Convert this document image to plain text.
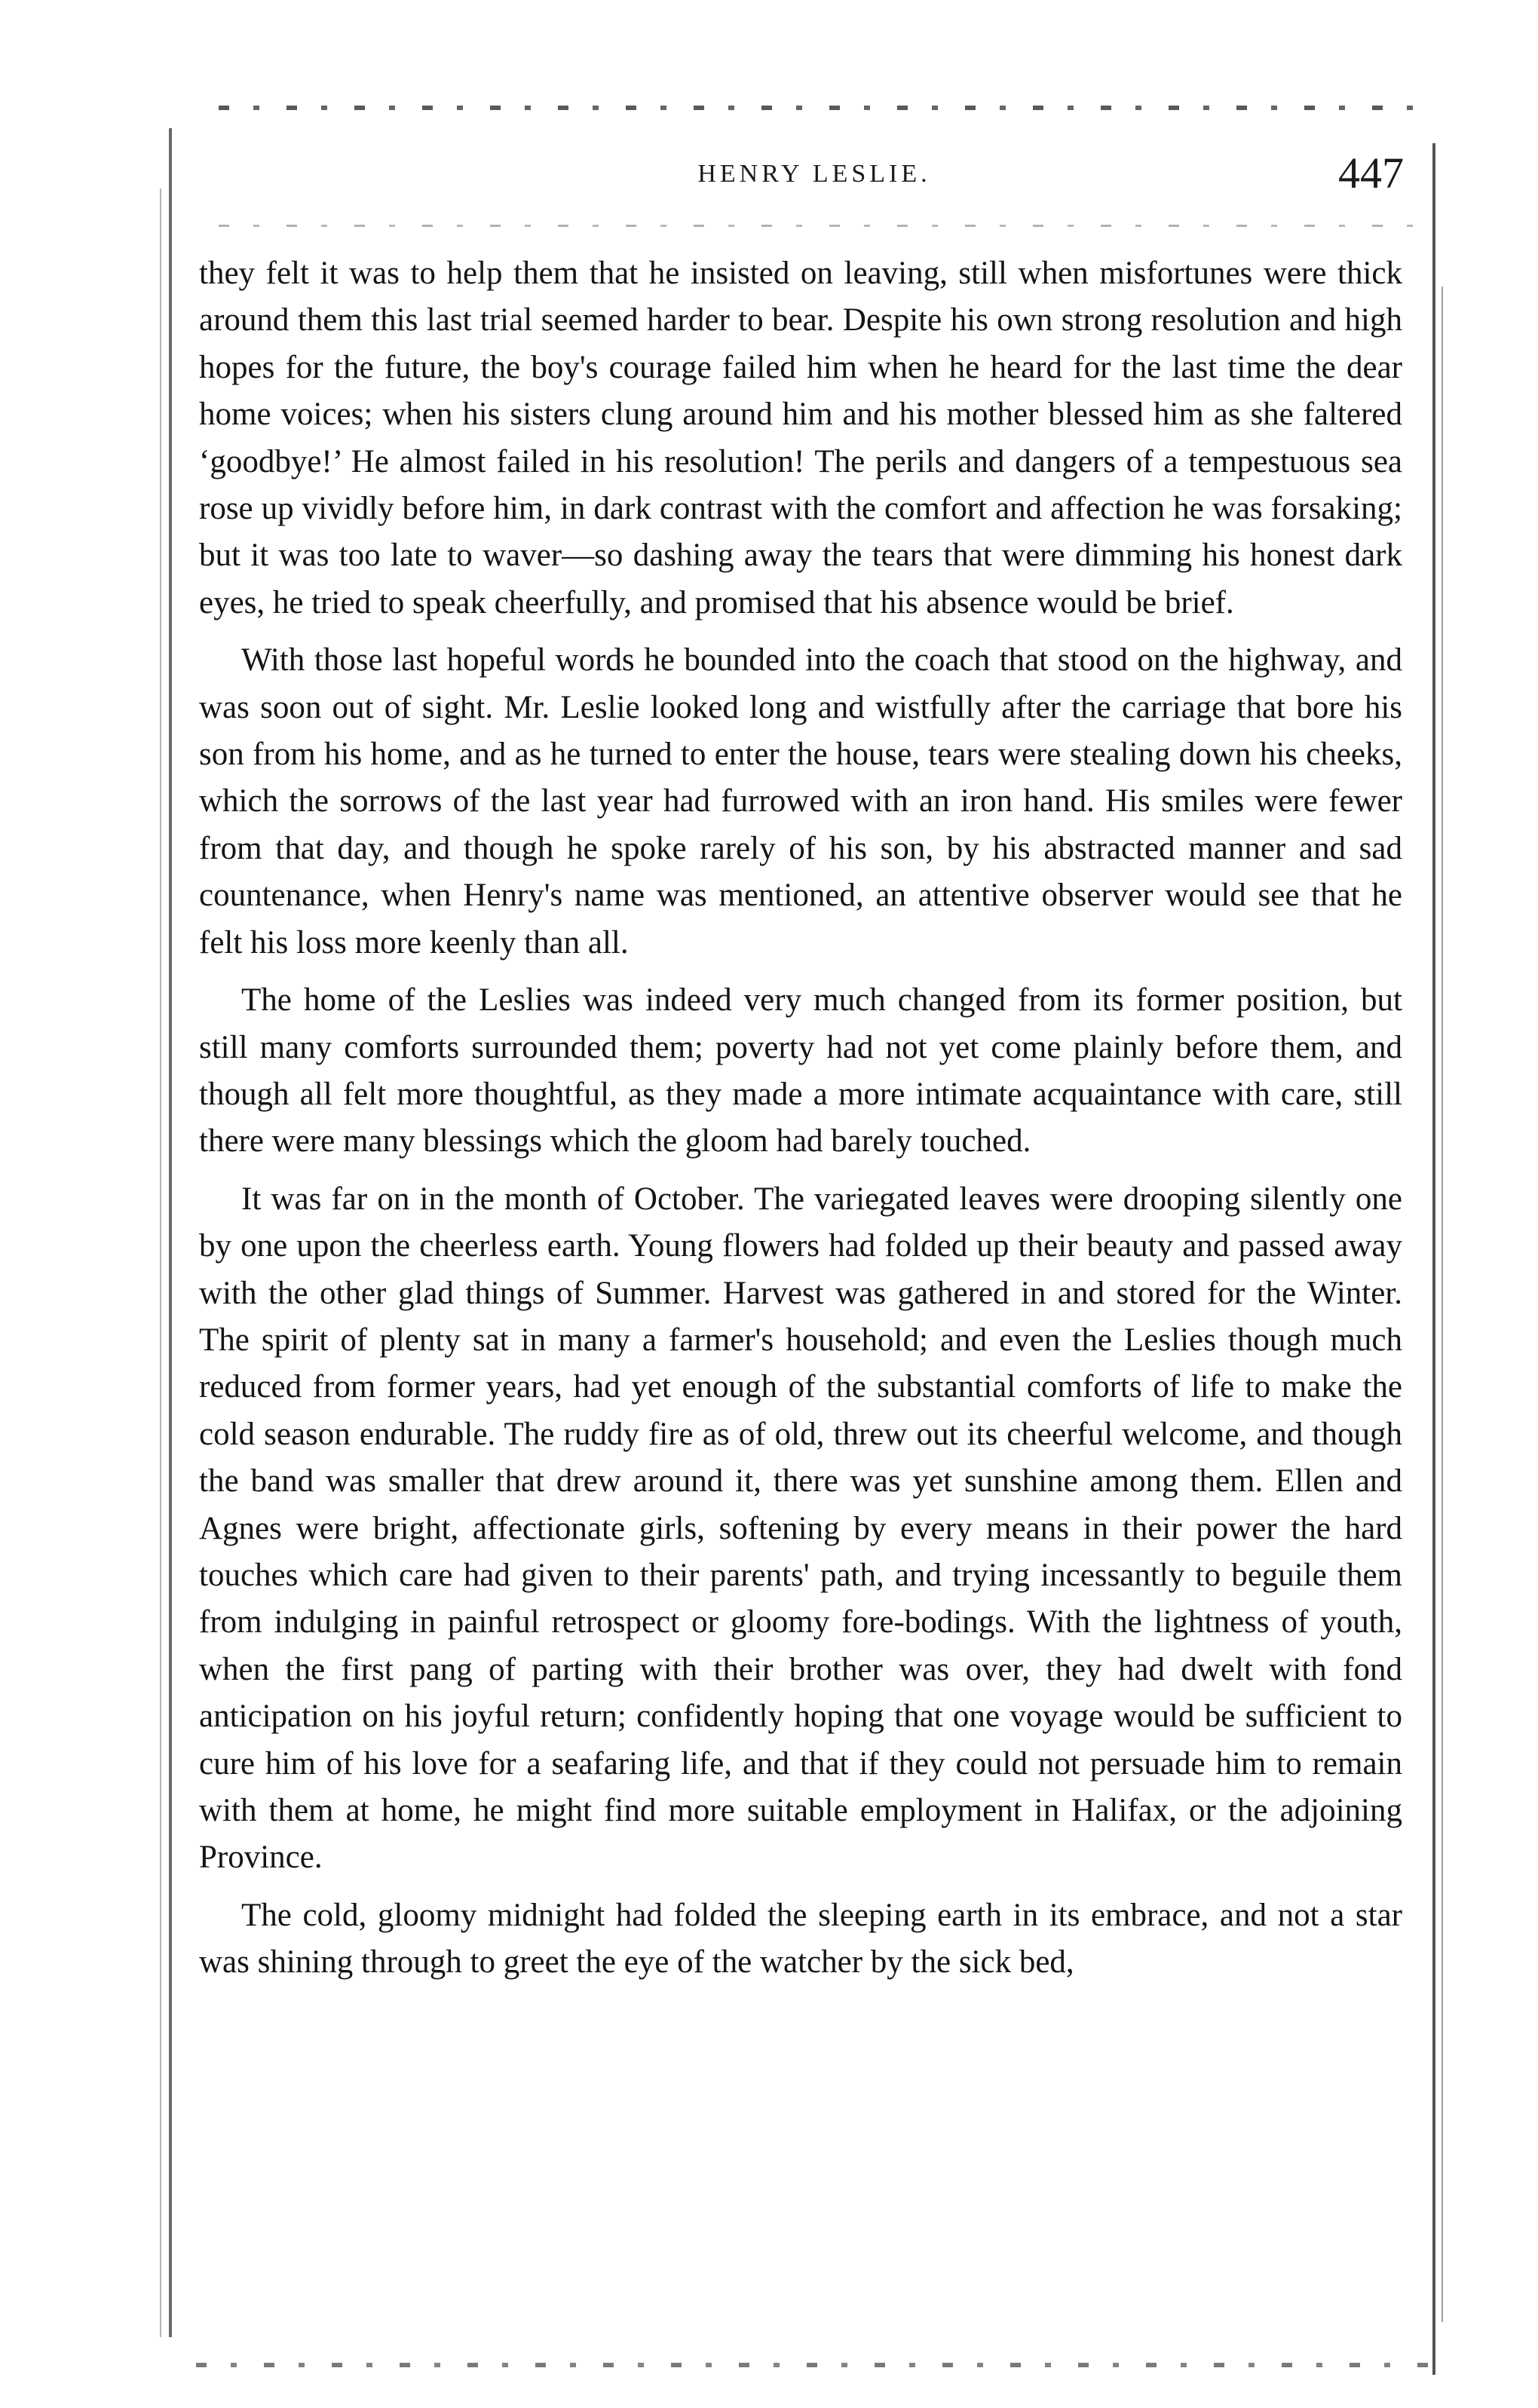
HENRY LESLIE.	447

they felt it was to help them that he insisted on leaving, still when misfortunes were thick around them this last trial seemed harder to bear. Despite his own strong resolution and high hopes for the future, the boy's courage failed him when he heard for the last time the dear home voices; when his sisters clung around him and his mother blessed him as she faltered ‘goodbye!’ He almost failed in his resolution! The perils and dangers of a tempestuous sea rose up vividly before him, in dark contrast with the comfort and affection he was forsaking; but it was too late to waver—so dashing away the tears that were dimming his honest dark eyes, he tried to speak cheerfully, and promised that his absence would be brief.

With those last hopeful words he bounded into the coach that stood on the highway, and was soon out of sight. Mr. Leslie looked long and wistfully after the carriage that bore his son from his home, and as he turned to enter the house, tears were stealing down his cheeks, which the sorrows of the last year had furrowed with an iron hand. His smiles were fewer from that day, and though he spoke rarely of his son, by his abstracted manner and sad countenance, when Henry's name was mentioned, an attentive observer would see that he felt his loss more keenly than all.

The home of the Leslies was indeed very much changed from its former position, but still many comforts surrounded them; poverty had not yet come plainly before them, and though all felt more thoughtful, as they made a more intimate acquaintance with care, still there were many blessings which the gloom had barely touched.

It was far on in the month of October. The variegated leaves were drooping silently one by one upon the cheerless earth. Young flowers had folded up their beauty and passed away with the other glad things of Summer. Harvest was gathered in and stored for the Winter. The spirit of plenty sat in many a farmer's household; and even the Leslies though much reduced from former years, had yet enough of the substantial comforts of life to make the cold season endurable. The ruddy fire as of old, threw out its cheerful welcome, and though the band was smaller that drew around it, there was yet sunshine among them. Ellen and Agnes were bright, affectionate girls, softening by every means in their power the hard touches which care had given to their parents' path, and trying incessantly to beguile them from indulging in painful retrospect or gloomy fore-bodings. With the lightness of youth, when the first pang of parting with their brother was over, they had dwelt with fond anticipation on his joyful return; confidently hoping that one voyage would be sufficient to cure him of his love for a seafaring life, and that if they could not persuade him to remain with them at home, he might find more suitable employment in Halifax, or the adjoining Province.

The cold, gloomy midnight had folded the sleeping earth in its embrace, and not a star was shining through to greet the eye of the watcher by the sick bed,
